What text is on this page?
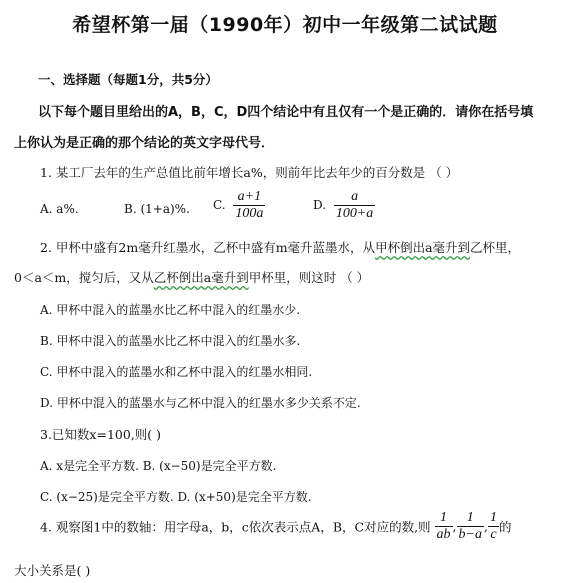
希望杯第一届（1990年）初中一年级第二试试题
一、选择题（每题1分，共5分）
以下每个题目里给出的A，B，C，D四个结论中有且仅有一个是正确的．请你在括号填
上你认为是正确的那个结论的英文字母代号．
1. 某工厂去年的生产总值比前年增长a%，则前年比去年少的百分数是 （ ）
A. a%.	B. (1+a)%. C. $\frac{a+1}{100a}$	D. $\frac{a}{100+a}$
2. 甲杯中盛有2m毫升红墨水，乙杯中盛有m毫升蓝墨水，从甲杯倒出a毫升到乙杯里，
0＜a＜m，搅匀后，又从乙杯倒出a毫升到甲杯里，则这时 （ ）
A. 甲杯中混入的蓝墨水比乙杯中混入的红墨水少.
B. 甲杯中混入的蓝墨水比乙杯中混入的红墨水多.
C. 甲杯中混入的蓝墨水和乙杯中混入的红墨水相同.
D. 甲杯中混入的蓝墨水与乙杯中混入的红墨水多少关系不定.
3.已知数x=100,则( )
A. x是完全平方数. B. (x−50)是完全平方数.
C. (x−25)是完全平方数. D. (x+50)是完全平方数.
4. 观察图1中的数轴：用字母a，b，c依次表示点A，B，C对应的数,则 $\frac{1}{ab}$ , $\frac{1}{b-a}$ , $\frac{1}{c}$ 的
大小关系是( )
